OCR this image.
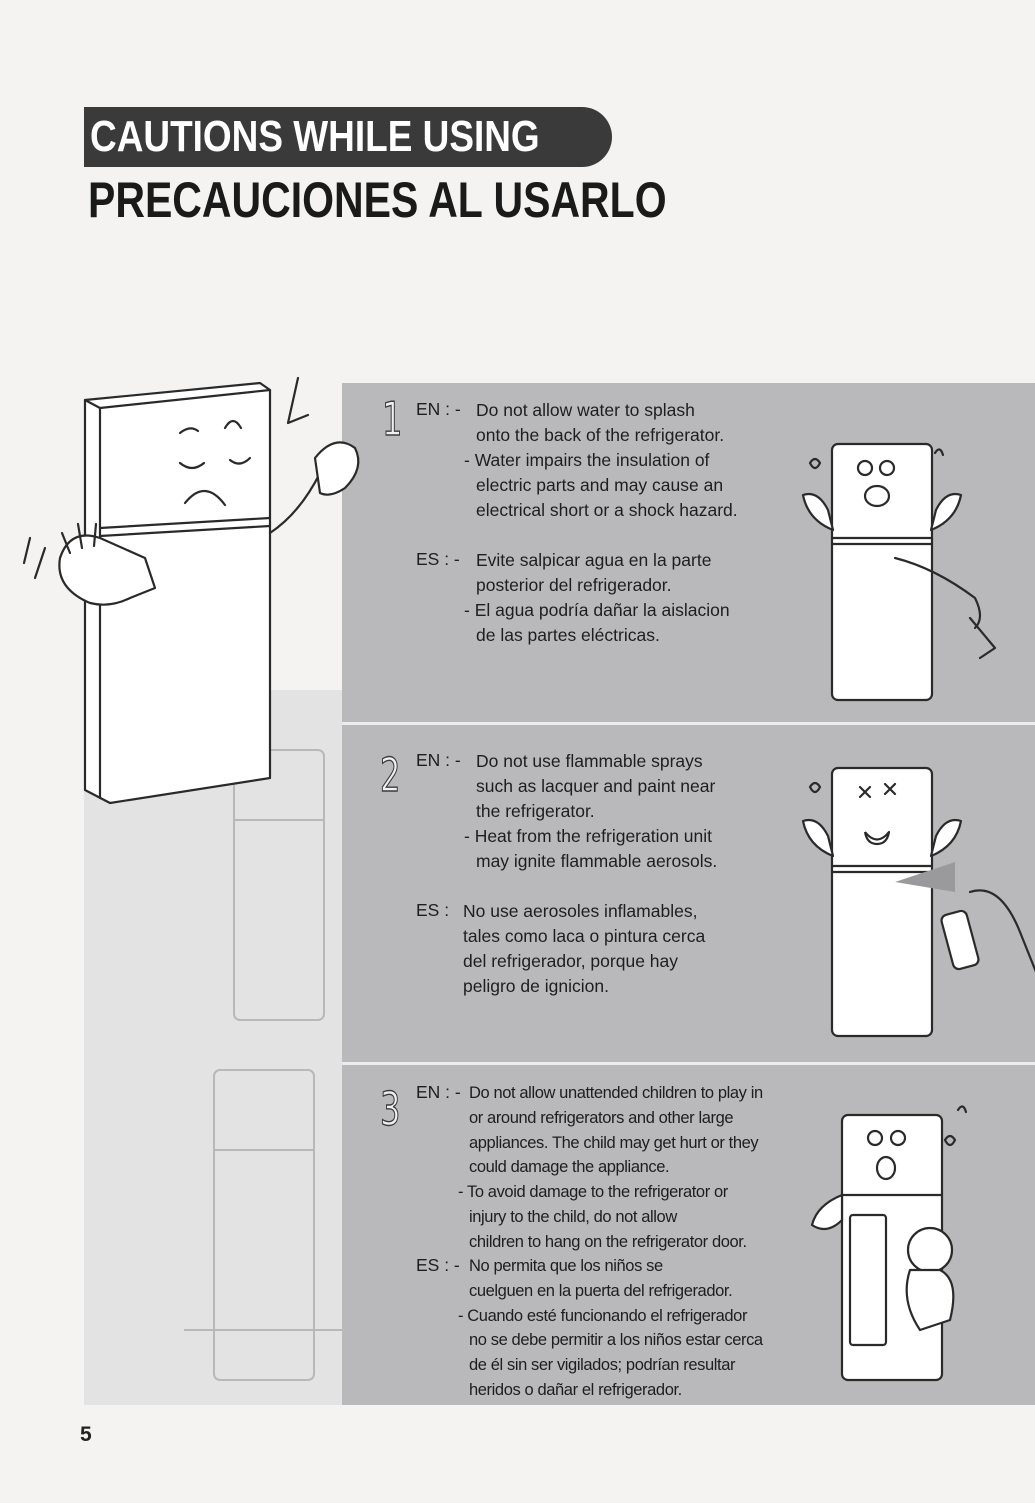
CAUTIONS WHILE USING
PRECAUCIONES AL USARLO
1 EN : - Do not allow water to splash
onto the back of the refrigerator.
- Water impairs the insulation of
electric parts and may cause an
electrical short or a shock hazard.
ES : - Evite salpicar agua en la parte
posterior del refrigerador.
- El agua podría dañar la aislacion
de las partes eléctricas.
2 EN : - Do not use flammable sprays
such as lacquer and paint near
the refrigerator.
- Heat from the refrigeration unit
may ignite flammable aerosols.
ES : No use aerosoles inflamables,
tales como laca o pintura cerca
del refrigerador, porque hay
peligro de ignicion.
3 EN : - Do not allow unattended children to play in
or around refrigerators and other large
appliances. The child may get hurt or they
could damage the appliance.
- To avoid damage to the refrigerator or
injury to the child, do not allow
children to hang on the refrigerator door.
ES : - No permita que los niños se
cuelguen en la puerta del refrigerador.
- Cuando esté funcionando el refrigerador
no se debe permitir a los niños estar cerca
de él sin ser vigilados; podrían resultar
heridos o dañar el refrigerador.
5
